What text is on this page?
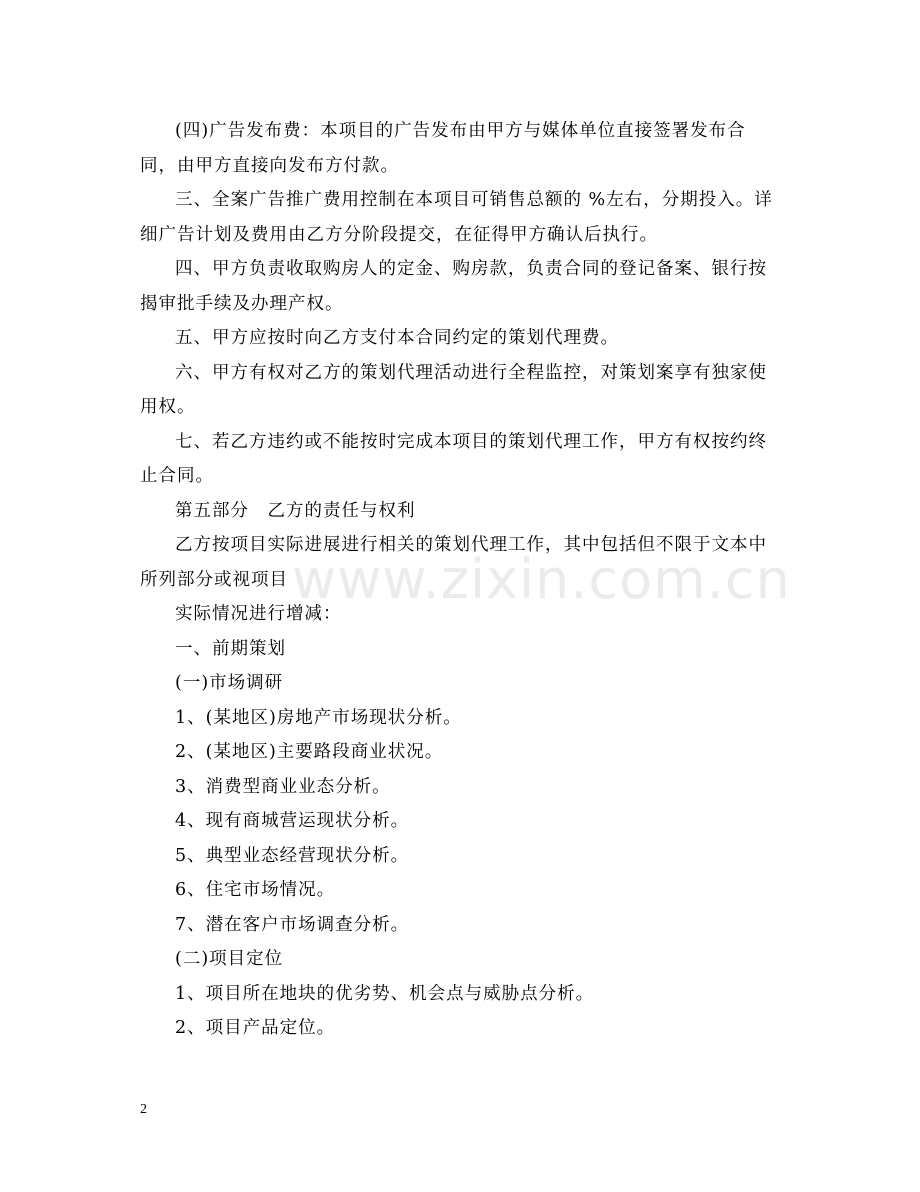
(四)广告发布费：本项目的广告发布由甲方与媒体单位直接签署发布合同，由甲方直接向发布方付款。

三、全案广告推广费用控制在本项目可销售总额的 %左右，分期投入。详细广告计划及费用由乙方分阶段提交，在征得甲方确认后执行。

四、甲方负责收取购房人的定金、购房款，负责合同的登记备案、银行按揭审批手续及办理产权。

五、甲方应按时向乙方支付本合同约定的策划代理费。

六、甲方有权对乙方的策划代理活动进行全程监控，对策划案享有独家使用权。

七、若乙方违约或不能按时完成本项目的策划代理工作，甲方有权按约终止合同。

第五部分　乙方的责任与权利

乙方按项目实际进展进行相关的策划代理工作，其中包括但不限于文本中所列部分或视项目

实际情况进行增减：

一、前期策划

(一)市场调研

1、(某地区)房地产市场现状分析。

2、(某地区)主要路段商业状况。

3、消费型商业业态分析。

4、现有商城营运现状分析。

5、典型业态经营现状分析。

6、住宅市场情况。

7、潜在客户市场调查分析。

(二)项目定位

1、项目所在地块的优劣势、机会点与威胁点分析。

2、项目产品定位。

www.zixin.com.cn
2
